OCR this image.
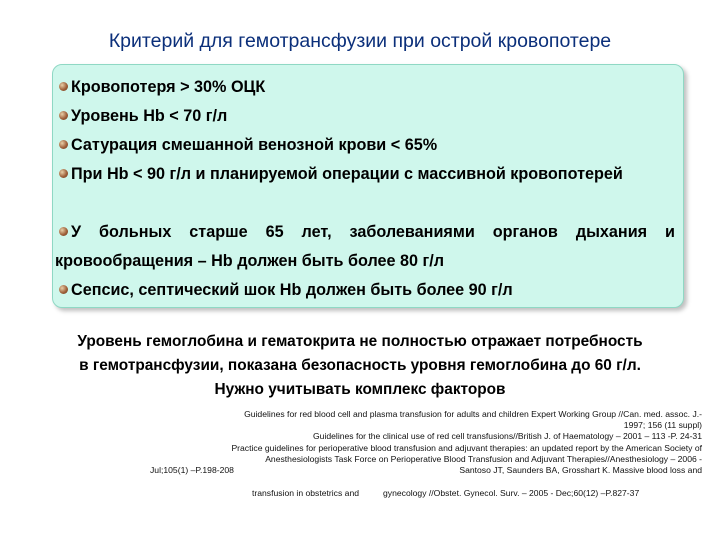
Критерий для гемотрансфузии при острой кровопотере
Кровопотеря > 30% ОЦК
Уровень Hb < 70 г/л
Сатурация смешанной венозной крови < 65%
При Hb < 90 г/л и планируемой операции с массивной кровопотерей
У больных старше 65 лет, заболеваниями органов дыхания и кровообращения – Hb должен быть более 80 г/л
Сепсис, септический шок Hb должен быть более 90 г/л
Уровень гемоглобина и гематокрита не полностью отражает потребность
в гемотрансфузии, показана безопасность уровня гемоглобина до 60 г/л.
Нужно учитывать комплекс факторов
Guidelines for red blood cell and plasma transfusion for adults and children Expert Working Group //Can. med. assoc. J.-
1997; 156 (11 suppl)
Guidelines for the clinical use of red cell transfusions//British J. of Haematology – 2001 – 113 -P. 24-31
Practice guidelines for perioperative blood transfusion and adjuvant therapies: an updated report by the American Society of
Anesthesiologists Task Force on Perioperative Blood Transfusion and Adjuvant Therapies//Anesthesiology – 2006 -
Jul;105(1) –P.198-208	Santoso JT, Saunders BA, Grosshart K. Massive blood loss and
transfusion in obstetrics and	gynecology //Obstet. Gynecol. Surv. – 2005 - Dec;60(12) –P.827-37
